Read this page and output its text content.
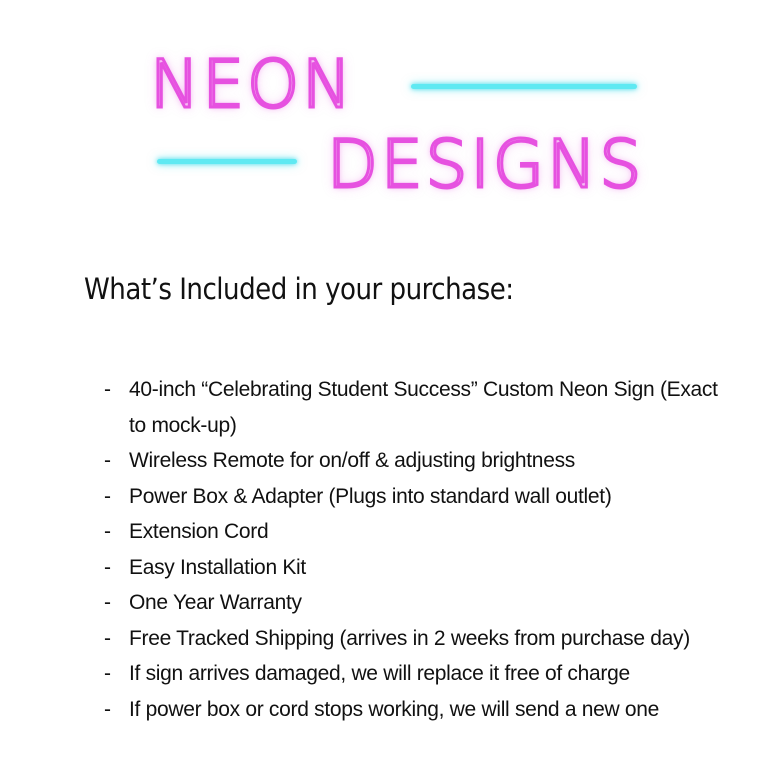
NEON
DESIGNS
What’s Included in your purchase:
- 40-inch “Celebrating Student Success” Custom Neon Sign (Exact to mock-up)
- Wireless Remote for on/off & adjusting brightness
- Power Box & Adapter (Plugs into standard wall outlet)
- Extension Cord
- Easy Installation Kit
- One Year Warranty
- Free Tracked Shipping (arrives in 2 weeks from purchase day)
- If sign arrives damaged, we will replace it free of charge
- If power box or cord stops working, we will send a new one
